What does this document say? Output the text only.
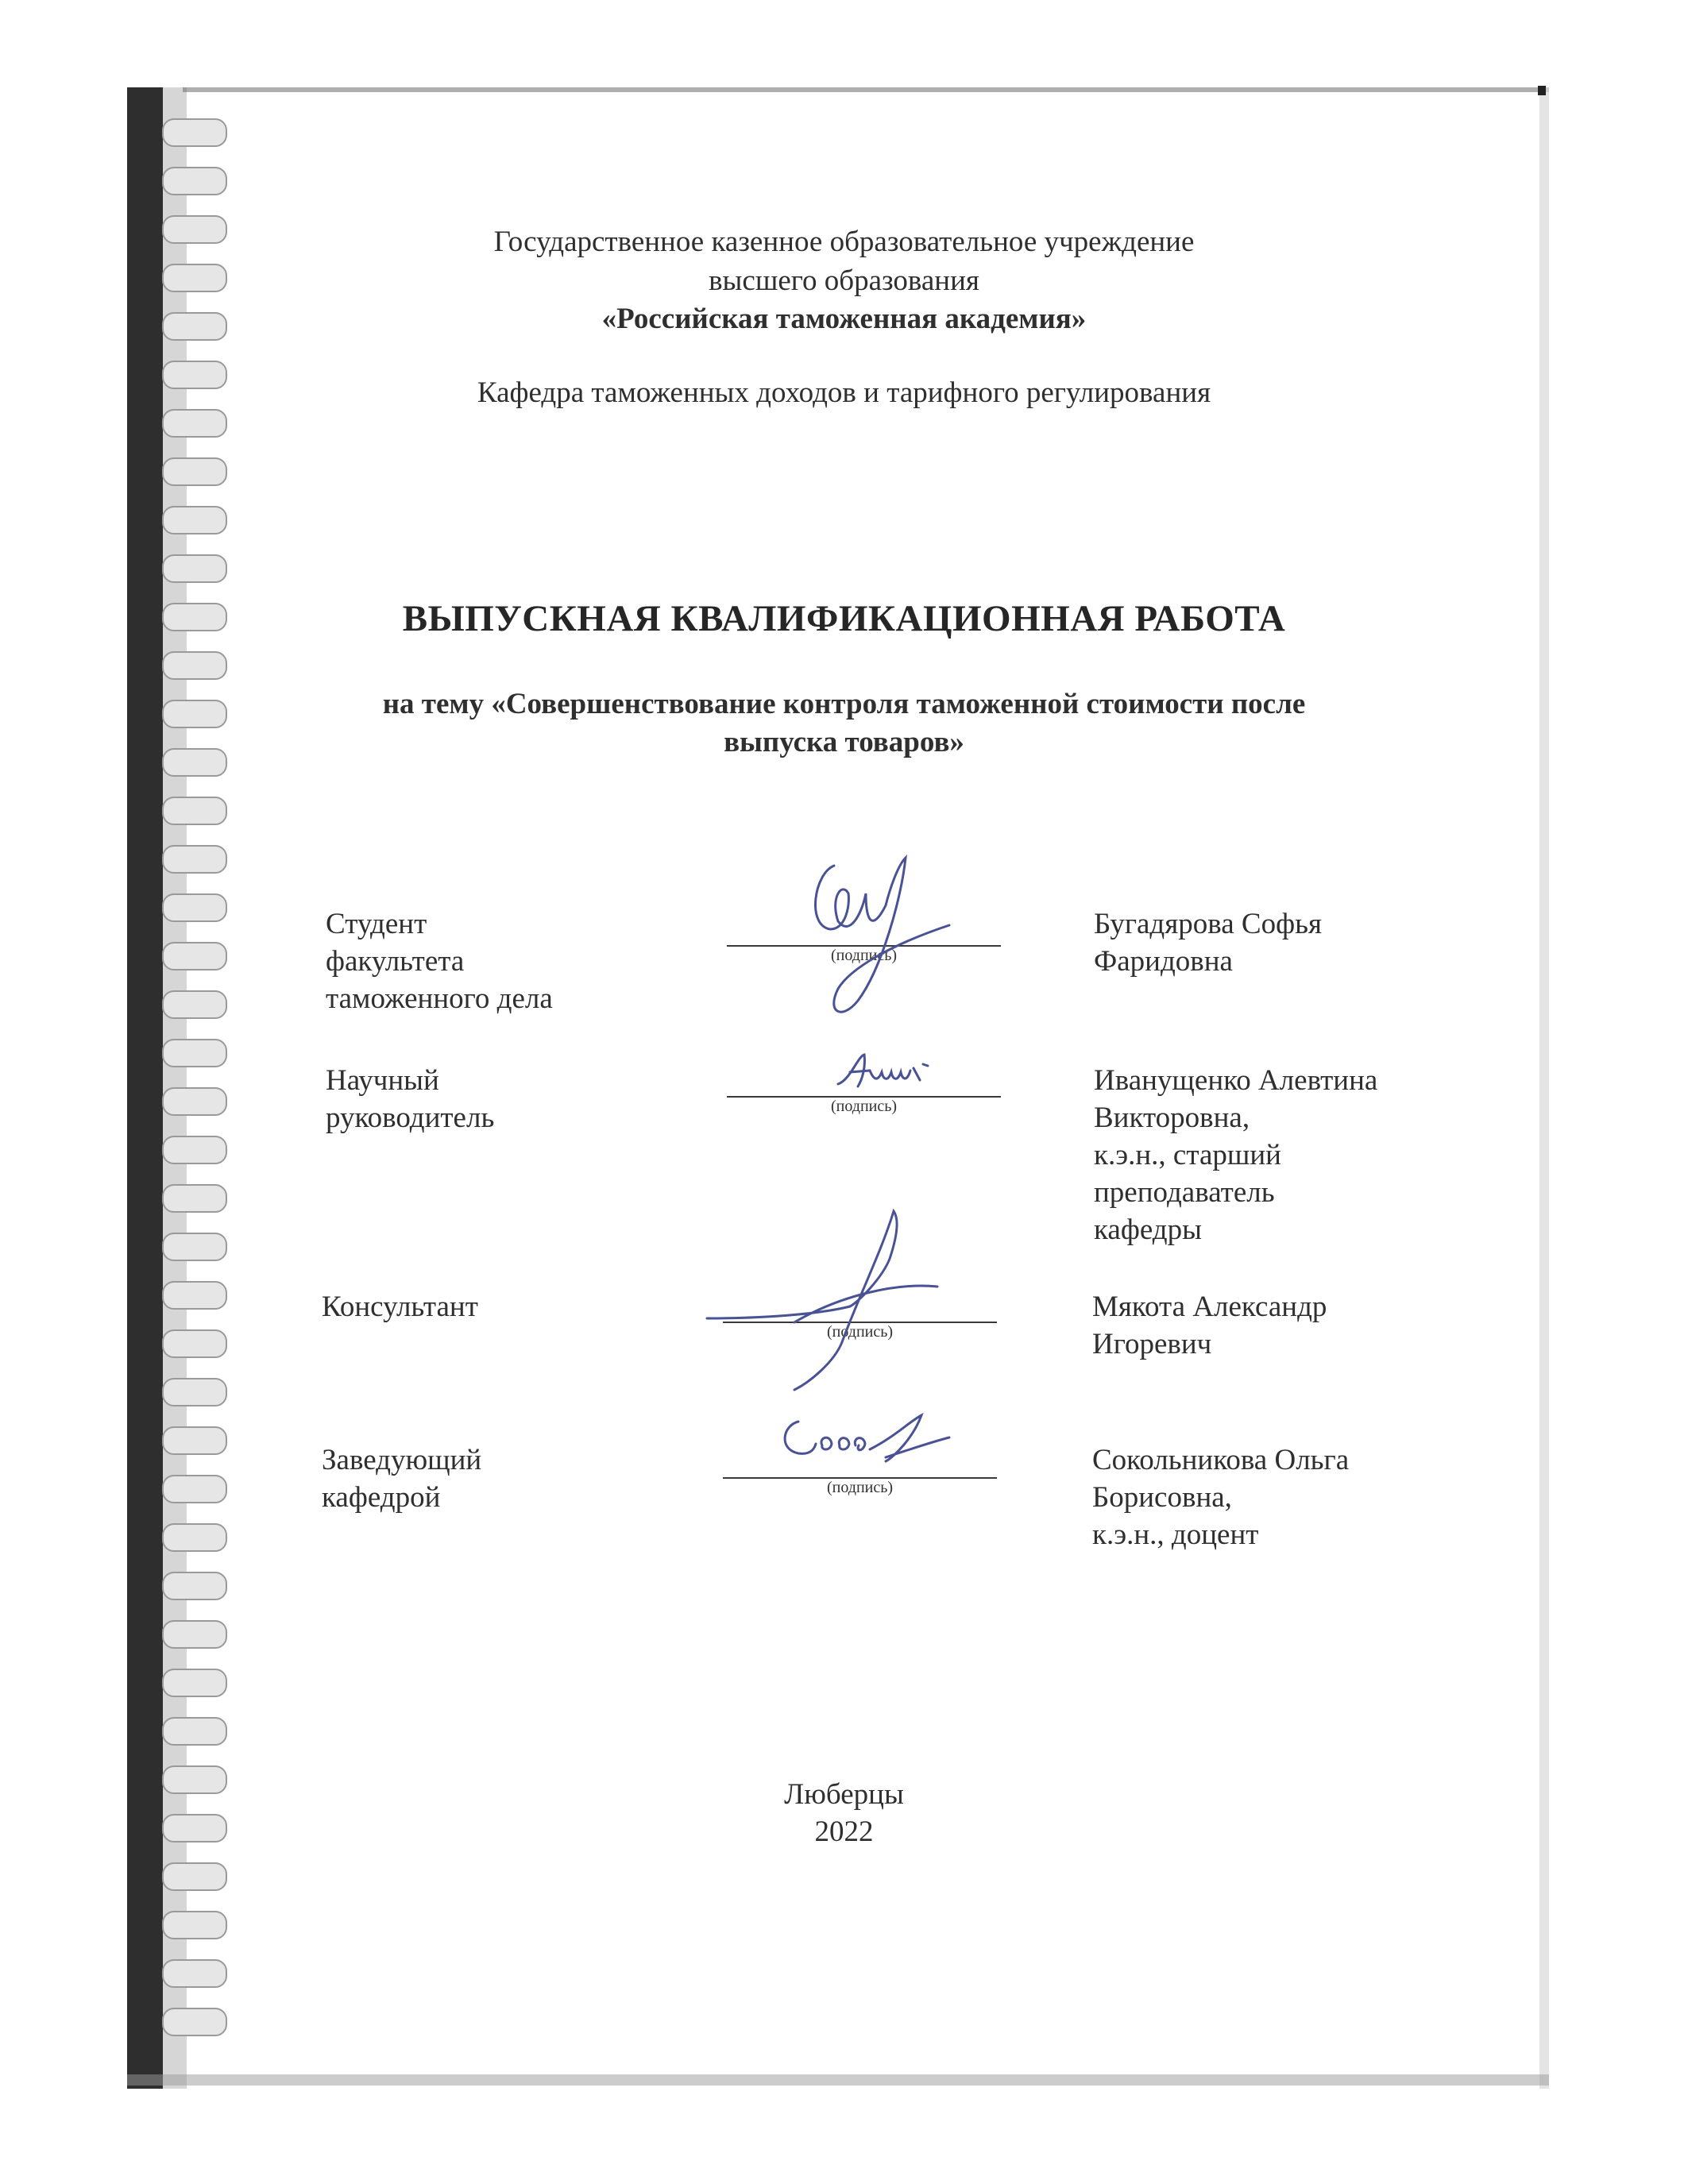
Государственное казенное образовательное учреждение
высшего образования
«Российская таможенная академия»
Кафедра таможенных доходов и тарифного регулирования
ВЫПУСКНАЯ КВАЛИФИКАЦИОННАЯ РАБОТА
на тему «Совершенствование контроля таможенной стоимости после
выпуска товаров»
Студент
факультета
таможенного дела
(подпись)
Бугадярова Софья
Фаридовна
Научный
руководитель	(подпись)
Иванущенко Алевтина
Викторовна,
к.э.н., старший
преподаватель
кафедры
Консультант
(подпись)
Мякота Александр
Игоревич
Заведующий
кафедрой	(подпись)
Сокольникова Ольга
Борисовна,
к.э.н., доцент
Люберцы
2022
